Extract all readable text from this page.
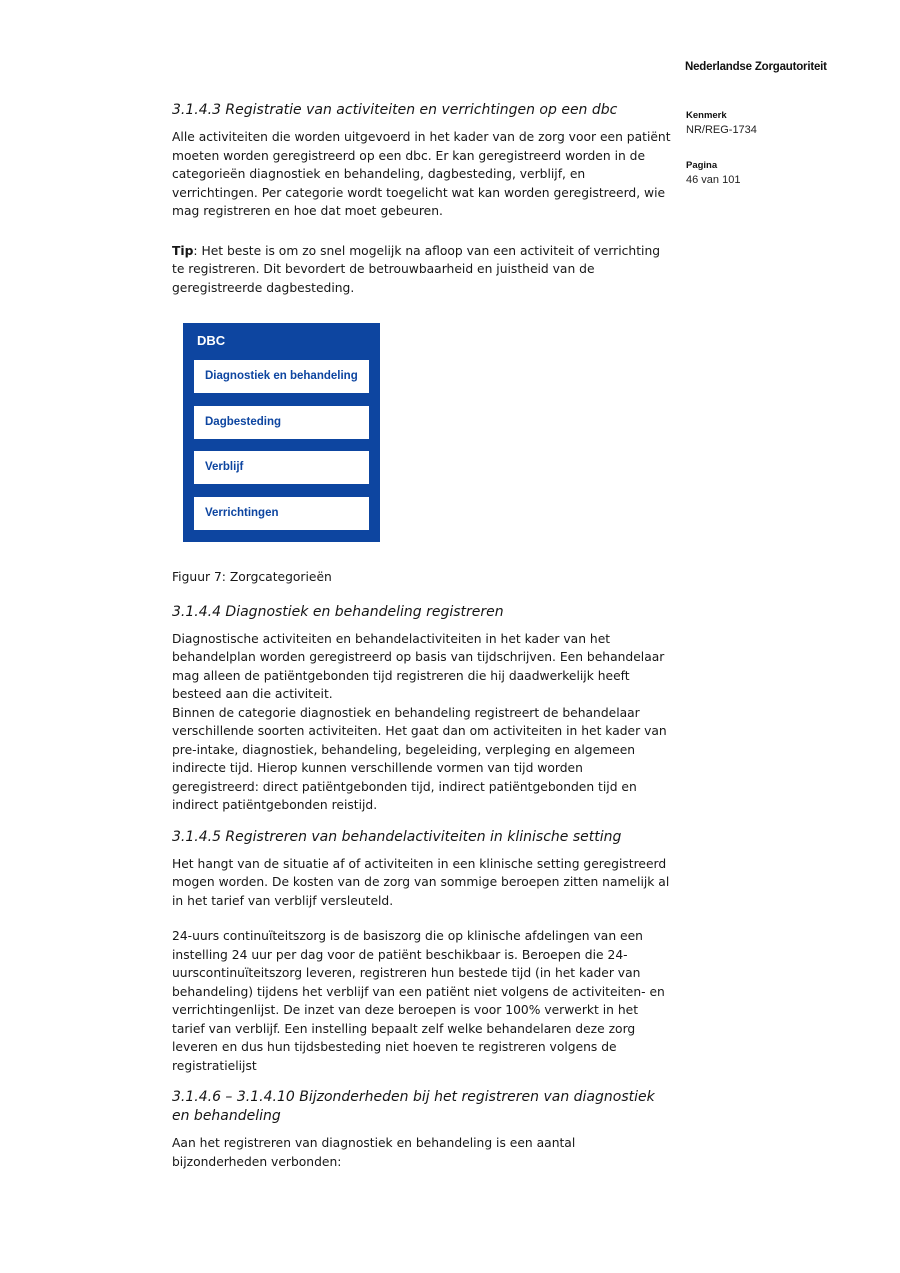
Nederlandse Zorgautoriteit
Kenmerk
NR/REG-1734
Pagina
46 van 101
3.1.4.3 Registratie van activiteiten en verrichtingen op een dbc

Alle activiteiten die worden uitgevoerd in het kader van de zorg voor een patiënt moeten worden geregistreerd op een dbc. Er kan geregistreerd worden in de categorieën diagnostiek en behandeling, dagbesteding, verblijf, en verrichtingen. Per categorie wordt toegelicht wat kan worden geregistreerd, wie mag registreren en hoe dat moet gebeuren.

Tip: Het beste is om zo snel mogelijk na afloop van een activiteit of verrichting te registreren. Dit bevordert de betrouwbaarheid en juistheid van de geregistreerde dagbesteding.

DBC
Diagnostiek en behandeling
Dagbesteding
Verblijf
Verrichtingen

Figuur 7: Zorgcategorieën

3.1.4.4 Diagnostiek en behandeling registreren

Diagnostische activiteiten en behandelactiviteiten in het kader van het behandelplan worden geregistreerd op basis van tijdschrijven. Een behandelaar mag alleen de patiëntgebonden tijd registreren die hij daadwerkelijk heeft besteed aan die activiteit.

Binnen de categorie diagnostiek en behandeling registreert de behandelaar verschillende soorten activiteiten. Het gaat dan om activiteiten in het kader van pre-intake, diagnostiek, behandeling, begeleiding, verpleging en algemeen indirecte tijd. Hierop kunnen verschillende vormen van tijd worden geregistreerd: direct patiëntgebonden tijd, indirect patiëntgebonden tijd en indirect patiëntgebonden reistijd.

3.1.4.5 Registreren van behandelactiviteiten in klinische setting

Het hangt van de situatie af of activiteiten in een klinische setting geregistreerd mogen worden. De kosten van de zorg van sommige beroepen zitten namelijk al in het tarief van verblijf versleuteld.

24-uurs continuïteitszorg is de basiszorg die op klinische afdelingen van een instelling 24 uur per dag voor de patiënt beschikbaar is. Beroepen die 24-uurscontinuïteitszorg leveren, registreren hun bestede tijd (in het kader van behandeling) tijdens het verblijf van een patiënt niet volgens de activiteiten- en verrichtingenlijst. De inzet van deze beroepen is voor 100% verwerkt in het tarief van verblijf. Een instelling bepaalt zelf welke behandelaren deze zorg leveren en dus hun tijdsbesteding niet hoeven te registreren volgens de registratielijst

3.1.4.6 – 3.1.4.10 Bijzonderheden bij het registreren van diagnostiek en behandeling

Aan het registreren van diagnostiek en behandeling is een aantal bijzonderheden verbonden:
